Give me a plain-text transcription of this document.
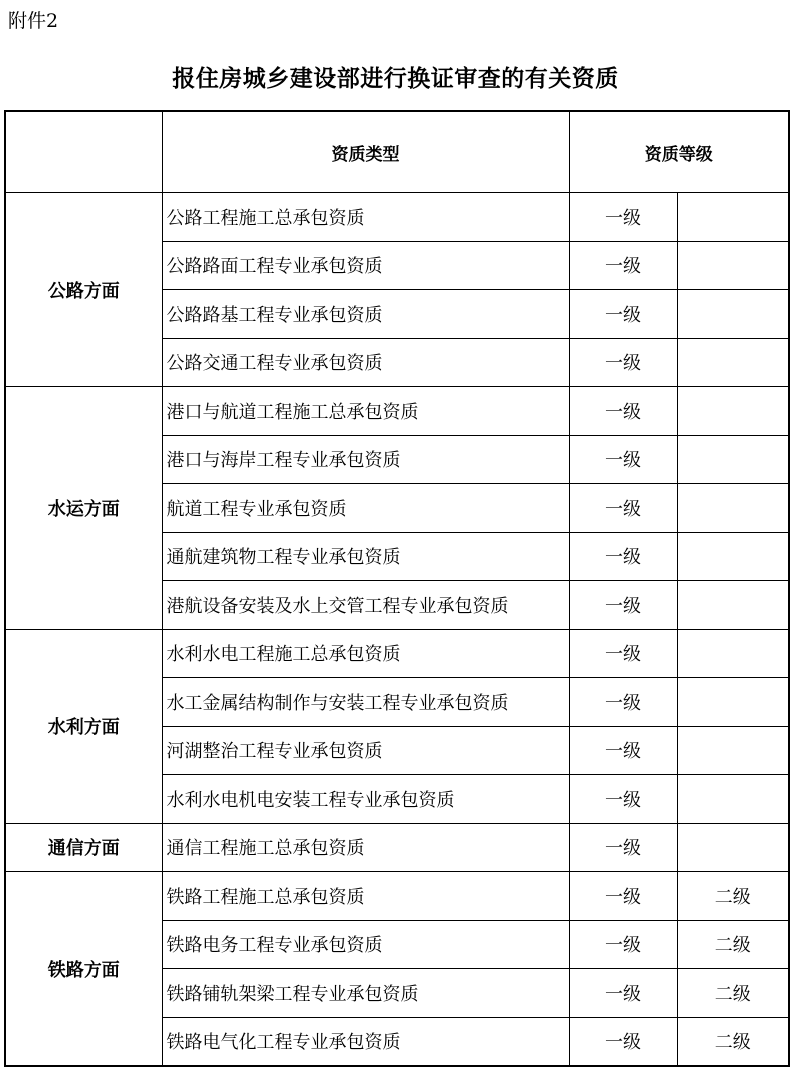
附件2
报住房城乡建设部进行换证审查的有关资质
	资质类型	资质等级	
公路方面	公路工程施工总承包资质	一级	
	公路路面工程专业承包资质	一级	
	公路路基工程专业承包资质	一级	
	公路交通工程专业承包资质	一级	
水运方面	港口与航道工程施工总承包资质	一级	
	港口与海岸工程专业承包资质	一级	
	航道工程专业承包资质	一级	
	通航建筑物工程专业承包资质	一级	
	港航设备安装及水上交管工程专业承包资质	一级	
水利方面	水利水电工程施工总承包资质	一级	
	水工金属结构制作与安装工程专业承包资质	一级	
	河湖整治工程专业承包资质	一级	
	水利水电机电安装工程专业承包资质	一级	
通信方面	通信工程施工总承包资质	一级	
铁路方面	铁路工程施工总承包资质	一级	二级
	铁路电务工程专业承包资质	一级	二级
	铁路铺轨架梁工程专业承包资质	一级	二级
	铁路电气化工程专业承包资质	一级	二级
